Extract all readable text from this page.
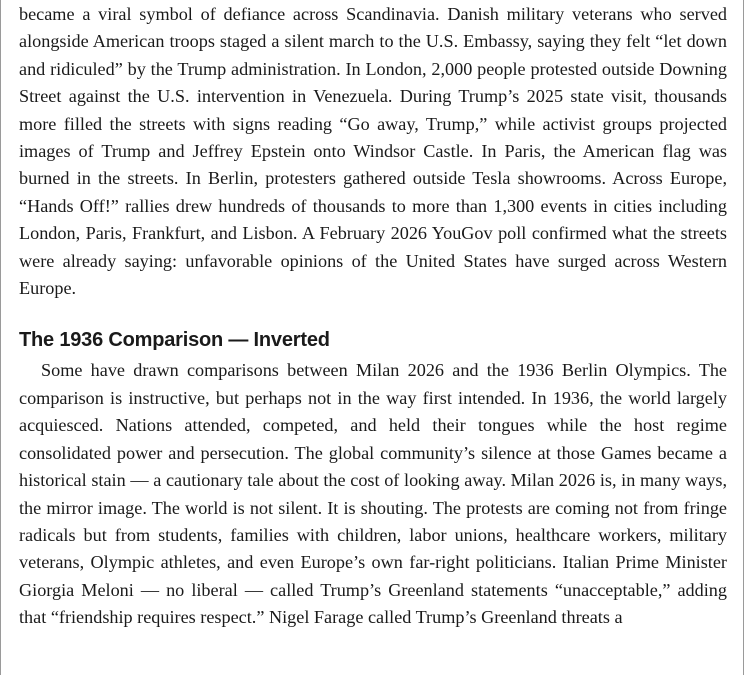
became a viral symbol of defiance across Scandinavia. Danish military veterans who served alongside American troops staged a silent march to the U.S. Embassy, saying they felt “let down and ridiculed” by the Trump administration. In London, 2,000 people protested outside Downing Street against the U.S. intervention in Venezuela. During Trump’s 2025 state visit, thousands more filled the streets with signs reading “Go away, Trump,” while activist groups projected images of Trump and Jeffrey Epstein onto Windsor Castle. In Paris, the American flag was burned in the streets. In Berlin, protesters gathered outside Tesla showrooms. Across Europe, “Hands Off!” rallies drew hundreds of thousands to more than 1,300 events in cities including London, Paris, Frankfurt, and Lisbon. A February 2026 YouGov poll confirmed what the streets were already saying: unfavorable opinions of the United States have surged across Western Europe.

The 1936 Comparison — Inverted

Some have drawn comparisons between Milan 2026 and the 1936 Berlin Olympics. The comparison is instructive, but perhaps not in the way first intended. In 1936, the world largely acquiesced. Nations attended, competed, and held their tongues while the host regime consolidated power and persecution. The global community’s silence at those Games became a historical stain — a cautionary tale about the cost of looking away. Milan 2026 is, in many ways, the mirror image. The world is not silent. It is shouting. The protests are coming not from fringe radicals but from students, families with children, labor unions, healthcare workers, military veterans, Olympic athletes, and even Europe’s own far-right politicians. Italian Prime Minister Giorgia Meloni — no liberal — called Trump’s Greenland statements “unacceptable,” adding that “friendship requires respect.” Nigel Farage called Trump’s Greenland threats a
